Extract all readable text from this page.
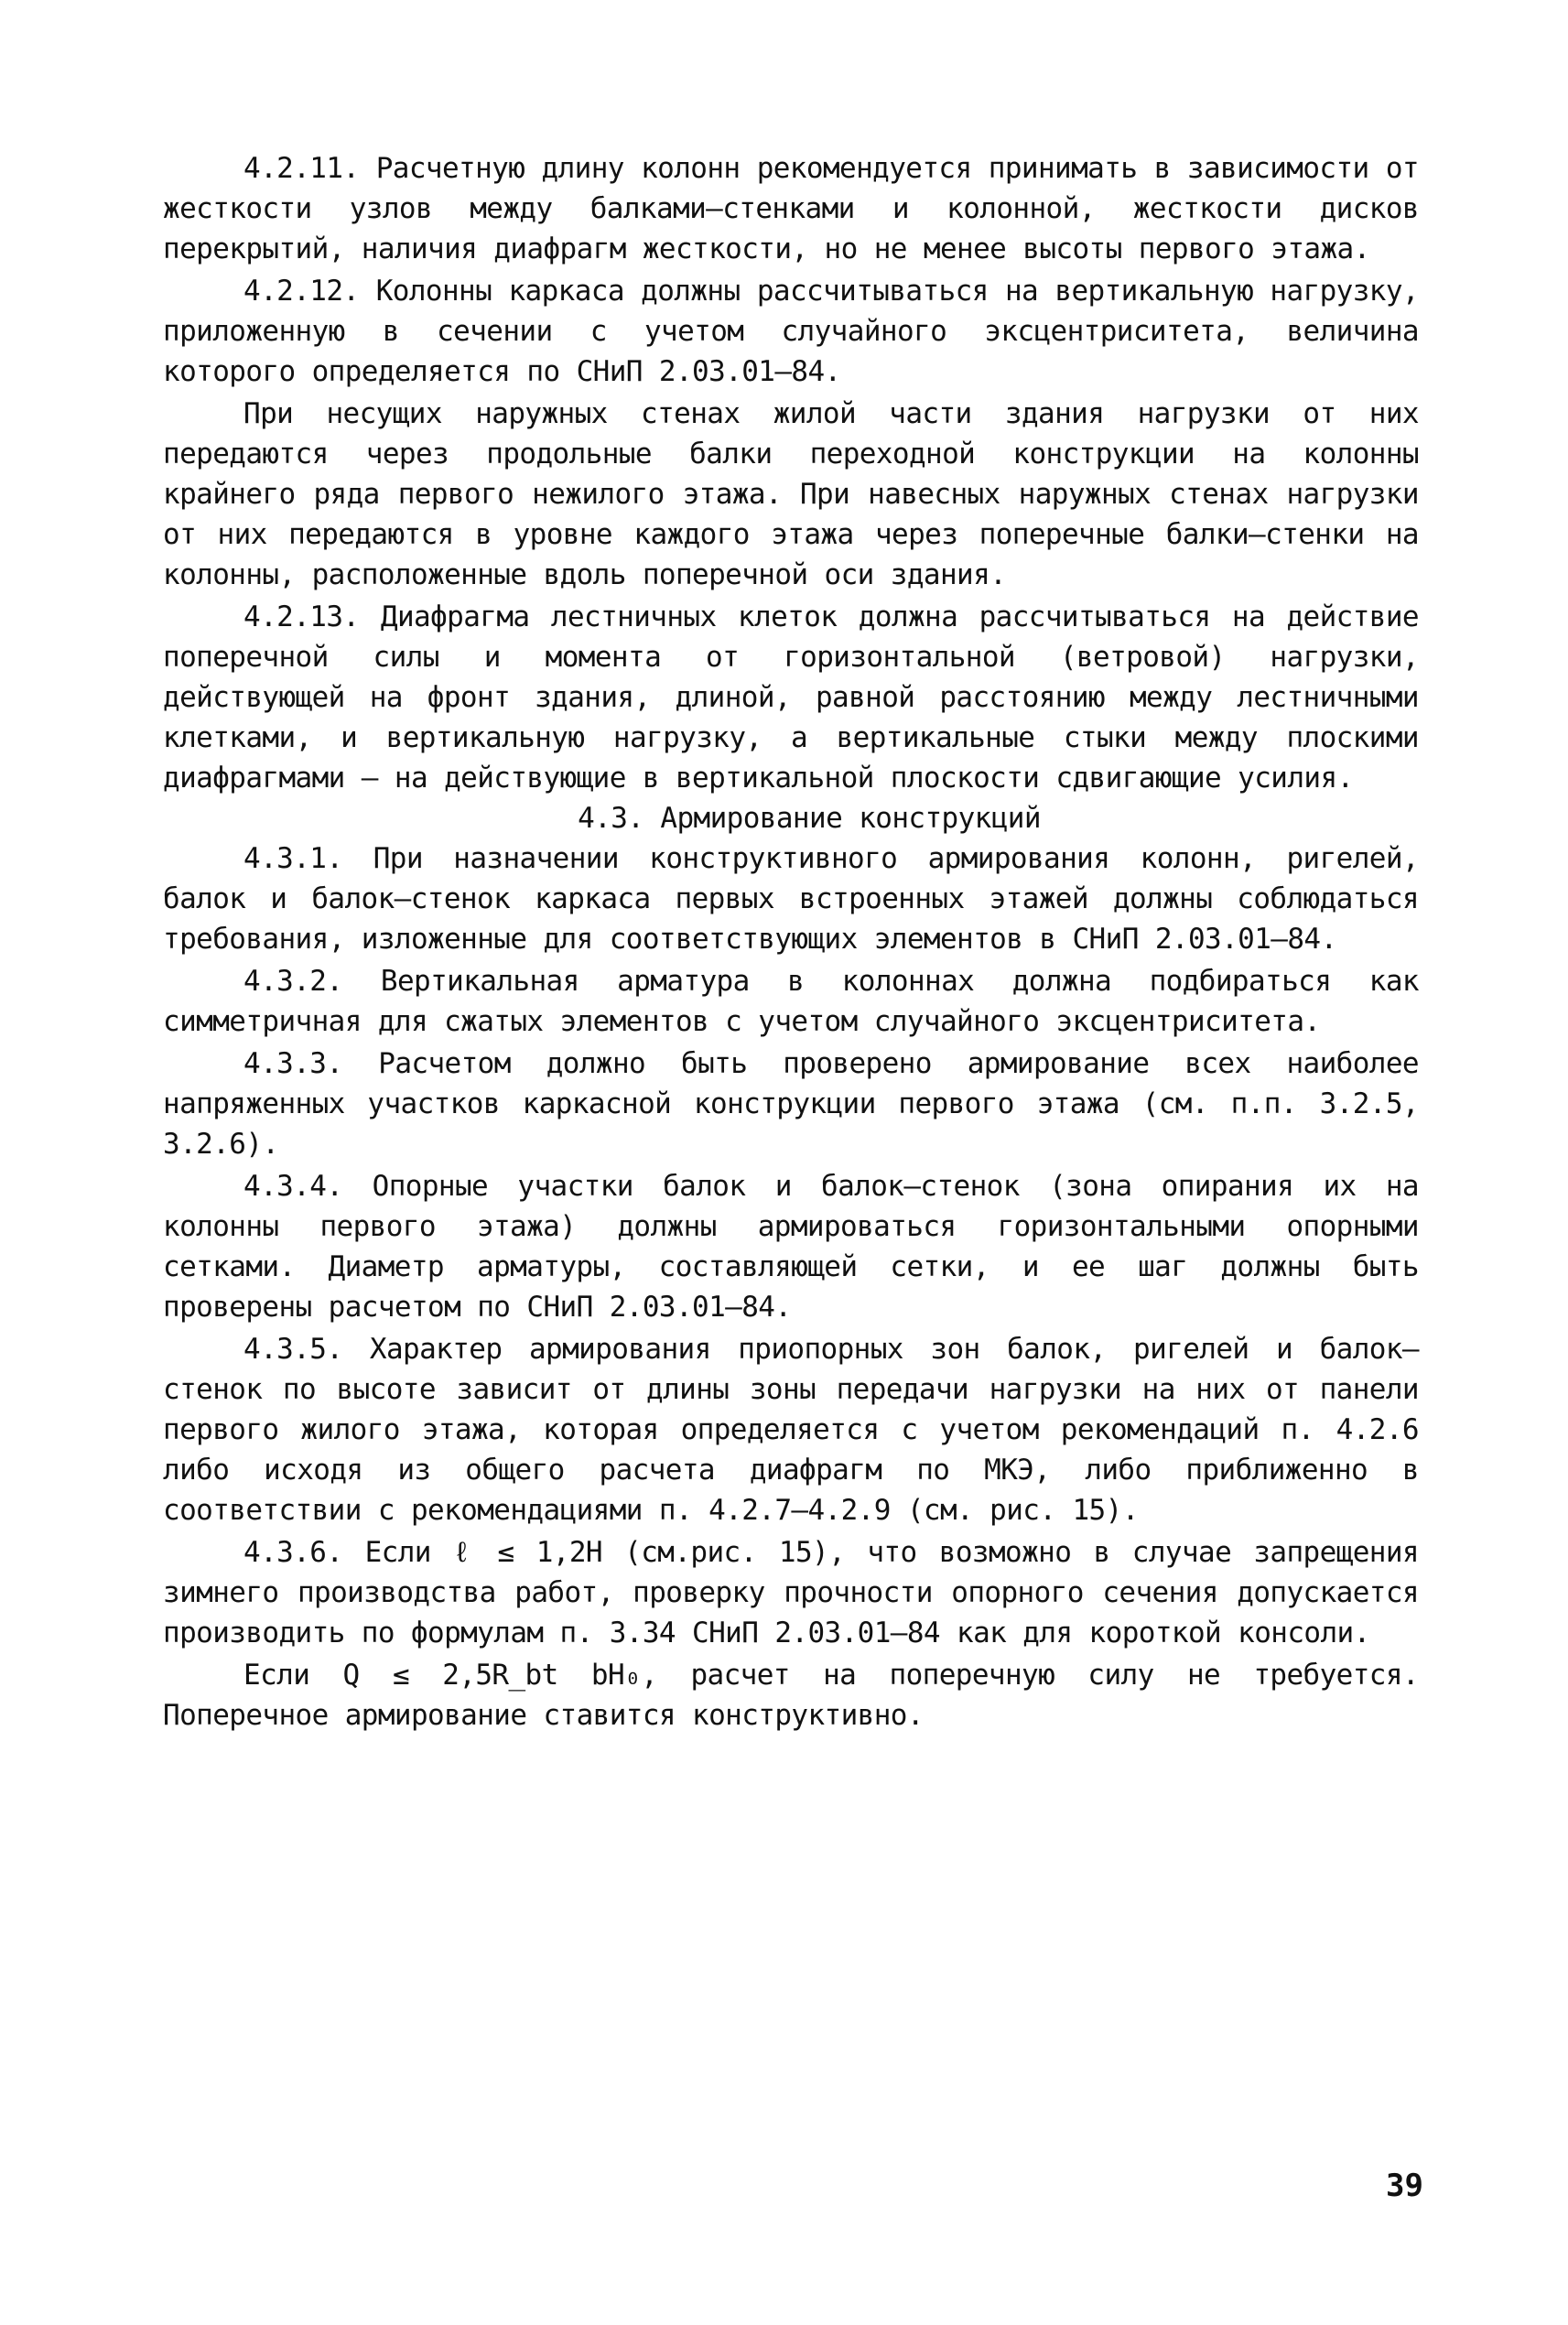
4.2.11. Расчетную длину колонн рекомендуется принимать в зависимости от жесткости узлов между балками–стенками и колонной, жесткости дисков перекрытий, наличия диафрагм жесткости, но не менее высоты первого этажа.

4.2.12. Колонны каркаса должны рассчитываться на вертикальную нагрузку, приложенную в сечении с учетом случайного эксцентриситета, величина которого определяется по СНиП 2.03.01–84.

При несущих наружных стенах жилой части здания нагрузки от них передаются через продольные балки переходной конструкции на колонны крайнего ряда первого нежилого этажа. При навесных наружных стенах нагрузки от них передаются в уровне каждого этажа через поперечные балки–стенки на колонны, расположенные вдоль поперечной оси здания.

4.2.13. Диафрагма лестничных клеток должна рассчитываться на действие поперечной силы и момента от горизонтальной (ветровой) нагрузки, действующей на фронт здания, длиной, равной расстоянию между лестничными клетками, и вертикальную нагрузку, а вертикальные стыки между плоскими диафрагмами – на действующие в вертикальной плоскости сдвигающие усилия.

4.3. Армирование конструкций

4.3.1. При назначении конструктивного армирования колонн, ригелей, балок и балок–стенок каркаса первых встроенных этажей должны соблюдаться требования, изложенные для соответствующих элементов в СНиП 2.03.01–84.

4.3.2. Вертикальная арматура в колоннах должна подбираться как симметричная для сжатых элементов с учетом случайного эксцентриситета.

4.3.3. Расчетом должно быть проверено армирование всех наиболее напряженных участков каркасной конструкции первого этажа (см. п.п. 3.2.5, 3.2.6).

4.3.4. Опорные участки балок и балок–стенок (зона опирания их на колонны первого этажа) должны армироваться горизонтальными опорными сетками. Диаметр арматуры, составляющей сетки, и ее шаг должны быть проверены расчетом по СНиП 2.03.01–84.

4.3.5. Характер армирования приопорных зон балок, ригелей и балок–стенок по высоте зависит от длины зоны передачи нагрузки на них от панели первого жилого этажа, которая определяется с учетом рекомендаций п. 4.2.6 либо исходя из общего расчета диафрагм по МКЭ, либо приближенно в соответствии с рекомендациями п. 4.2.7–4.2.9 (см. рис. 15).

4.3.6. Если ℓ ≤ 1,2H (см.рис. 15), что возможно в случае запрещения зимнего производства работ, проверку прочности опорного сечения допускается производить по формулам п. 3.34 СНиП 2.03.01–84 как для короткой консоли.

Если Q ≤ 2,5R_bt bH₀, расчет на поперечную силу не требуется. Поперечное армирование ставится конструктивно.

39
